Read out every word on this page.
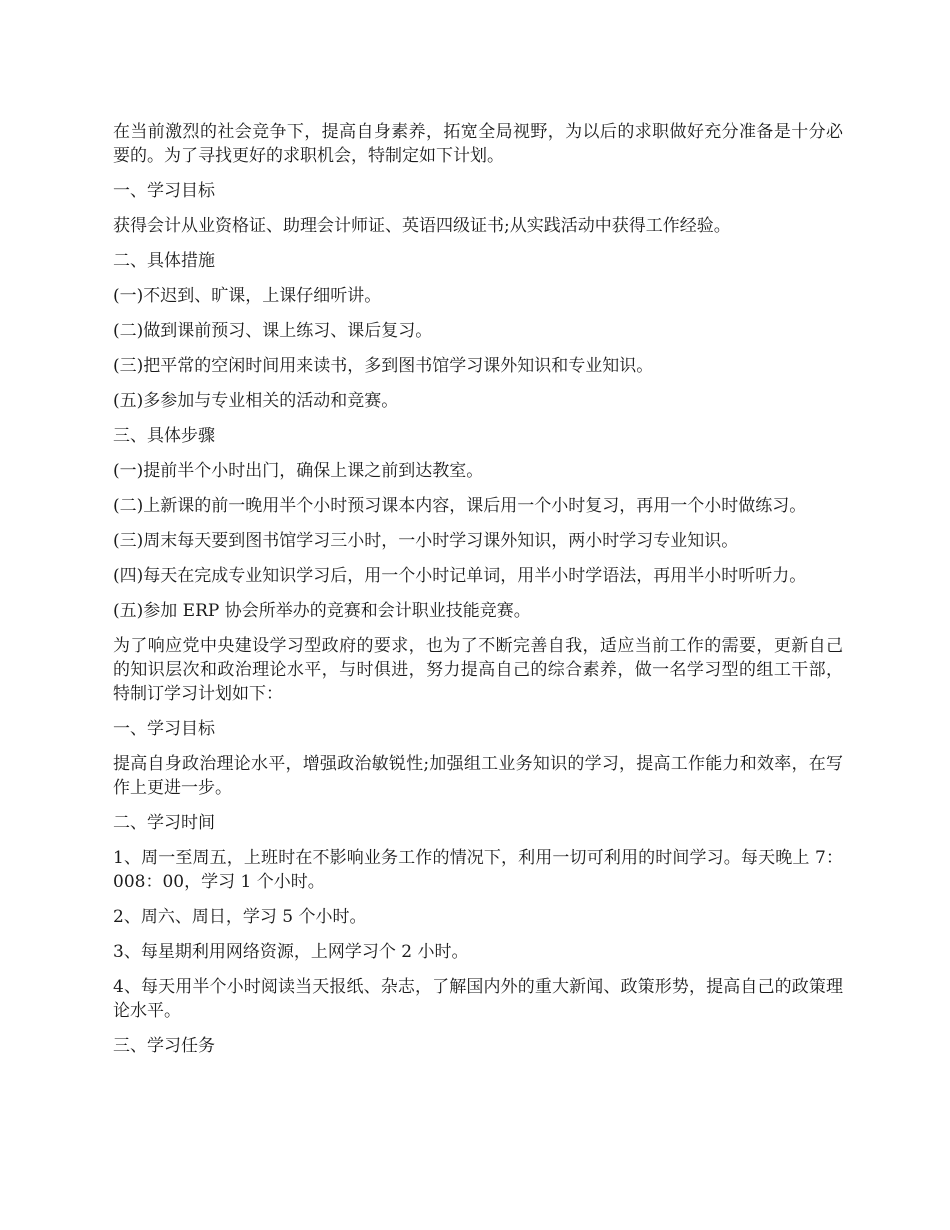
在当前激烈的社会竞争下，提高自身素养，拓宽全局视野，为以后的求职做好充分准备是十分必要的。为了寻找更好的求职机会，特制定如下计划。

一、学习目标

获得会计从业资格证、助理会计师证、英语四级证书;从实践活动中获得工作经验。

二、具体措施

(一)不迟到、旷课，上课仔细听讲。

(二)做到课前预习、课上练习、课后复习。

(三)把平常的空闲时间用来读书，多到图书馆学习课外知识和专业知识。

(五)多参加与专业相关的活动和竞赛。

三、具体步骤

(一)提前半个小时出门，确保上课之前到达教室。

(二)上新课的前一晚用半个小时预习课本内容，课后用一个小时复习，再用一个小时做练习。

(三)周末每天要到图书馆学习三小时，一小时学习课外知识，两小时学习专业知识。

(四)每天在完成专业知识学习后，用一个小时记单词，用半小时学语法，再用半小时听听力。

(五)参加 ERP 协会所举办的竞赛和会计职业技能竞赛。

为了响应党中央建设学习型政府的要求，也为了不断完善自我，适应当前工作的需要，更新自己的知识层次和政治理论水平，与时俱进，努力提高自己的综合素养，做一名学习型的组工干部，特制订学习计划如下：

一、学习目标

提高自身政治理论水平，增强政治敏锐性;加强组工业务知识的学习，提高工作能力和效率，在写作上更进一步。

二、学习时间

1、周一至周五，上班时在不影响业务工作的情况下，利用一切可利用的时间学习。每天晚上 7：008：00，学习 1 个小时。

2、周六、周日，学习 5 个小时。

3、每星期利用网络资源，上网学习个 2 小时。

4、每天用半个小时阅读当天报纸、杂志，了解国内外的重大新闻、政策形势，提高自己的政策理论水平。

三、学习任务
